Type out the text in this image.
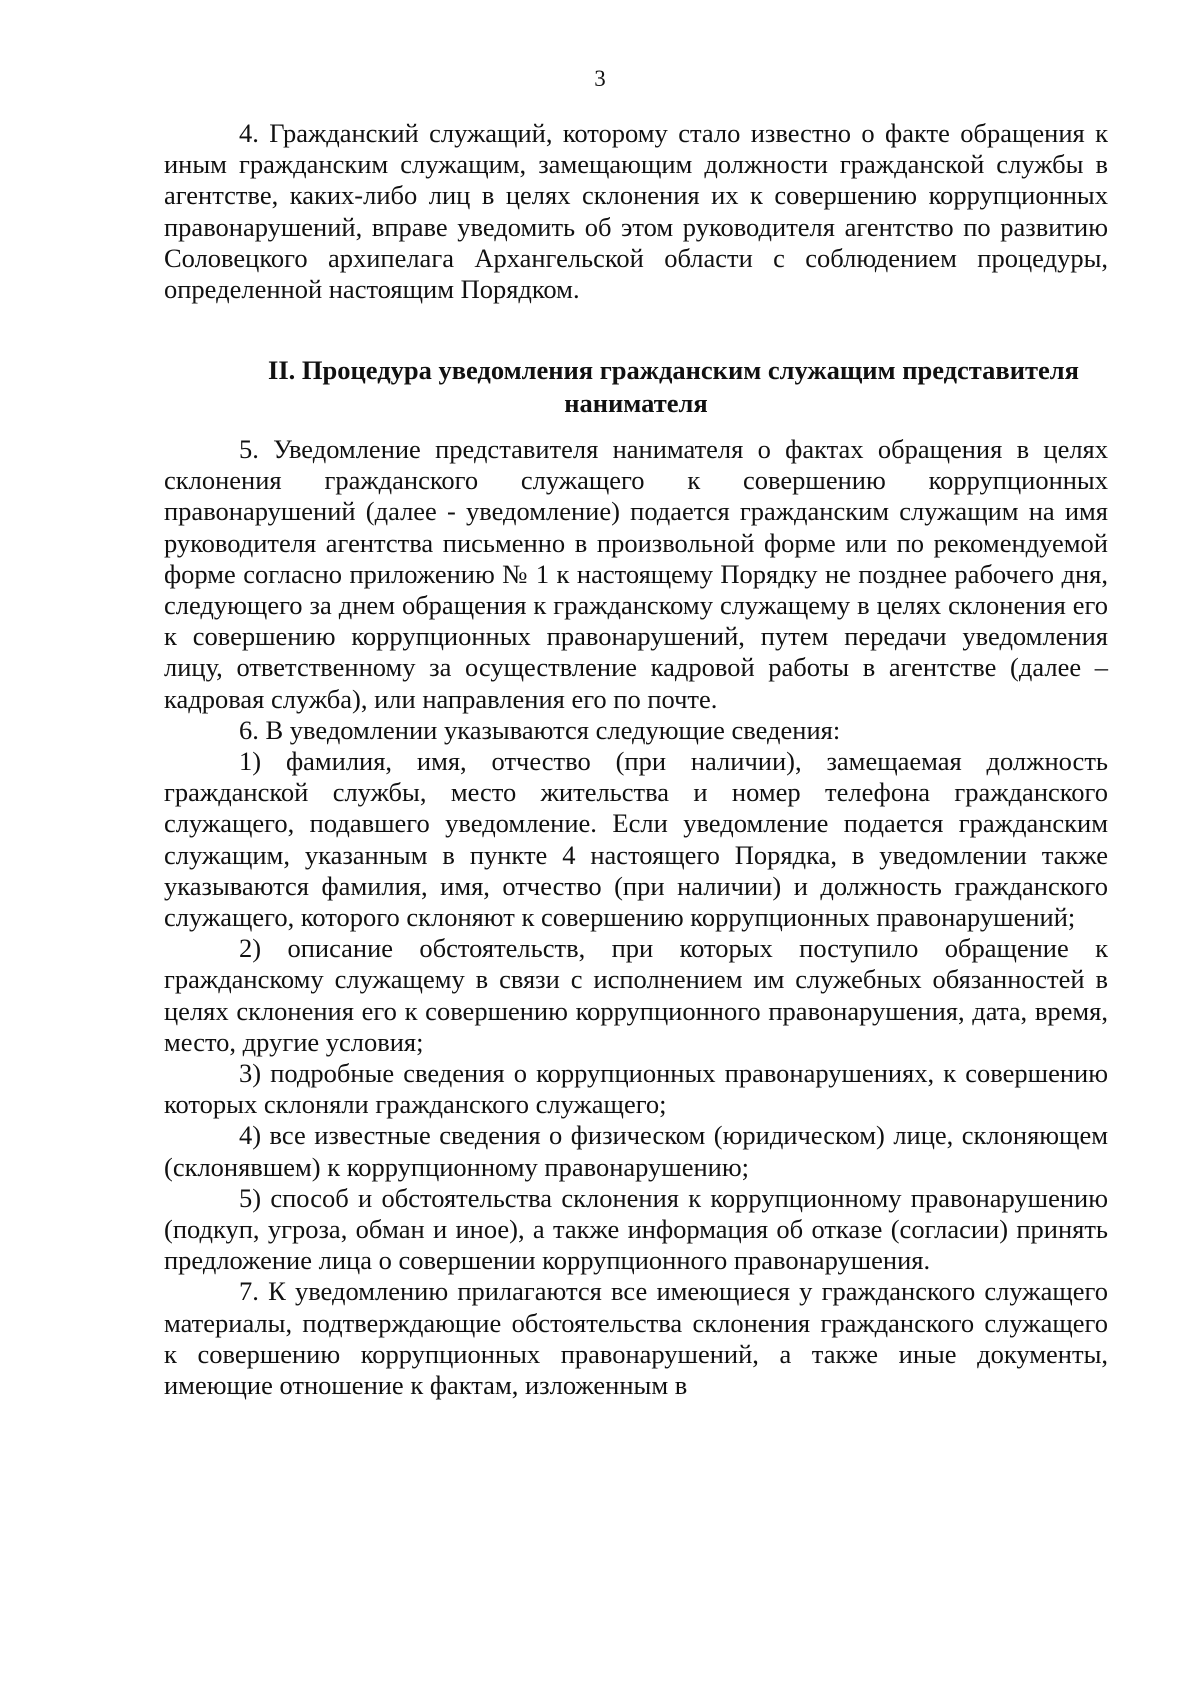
3

4. Гражданский служащий, которому стало известно о факте обращения к иным гражданским служащим, замещающим должности гражданской службы в агентстве, каких-либо лиц в целях склонения их к совершению коррупционных правонарушений, вправе уведомить об этом руководителя агентство по развитию Соловецкого архипелага Архангельской области с соблюдением процедуры, определенной настоящим Порядком.

II. Процедура уведомления гражданским служащим представителя
нанимателя

5. Уведомление представителя нанимателя о фактах обращения в целях склонения гражданского служащего к совершению коррупционных правонарушений (далее - уведомление) подается гражданским служащим на имя руководителя агентства письменно в произвольной форме или по рекомендуемой форме согласно приложению № 1 к настоящему Порядку не позднее рабочего дня, следующего за днем обращения к гражданскому служащему в целях склонения его к совершению коррупционных правонарушений, путем передачи уведомления лицу, ответственному за осуществление кадровой работы в агентстве (далее – кадровая служба), или направления его по почте.

6. В уведомлении указываются следующие сведения:

1) фамилия, имя, отчество (при наличии), замещаемая должность гражданской службы, место жительства и номер телефона гражданского служащего, подавшего уведомление. Если уведомление подается гражданским служащим, указанным в пункте 4 настоящего Порядка, в уведомлении также указываются фамилия, имя, отчество (при наличии) и должность гражданского служащего, которого склоняют к совершению коррупционных правонарушений;

2) описание обстоятельств, при которых поступило обращение к гражданскому служащему в связи с исполнением им служебных обязанностей в целях склонения его к совершению коррупционного правонарушения, дата, время, место, другие условия;

3) подробные сведения о коррупционных правонарушениях, к совершению которых склоняли гражданского служащего;

4) все известные сведения о физическом (юридическом) лице, склоняющем (склонявшем) к коррупционному правонарушению;

5) способ и обстоятельства склонения к коррупционному правонарушению (подкуп, угроза, обман и иное), а также информация об отказе (согласии) принять предложение лица о совершении коррупционного правонарушения.

7. К уведомлению прилагаются все имеющиеся у гражданского служащего материалы, подтверждающие обстоятельства склонения гражданского служащего к совершению коррупционных правонарушений, а также иные документы, имеющие отношение к фактам, изложенным в
